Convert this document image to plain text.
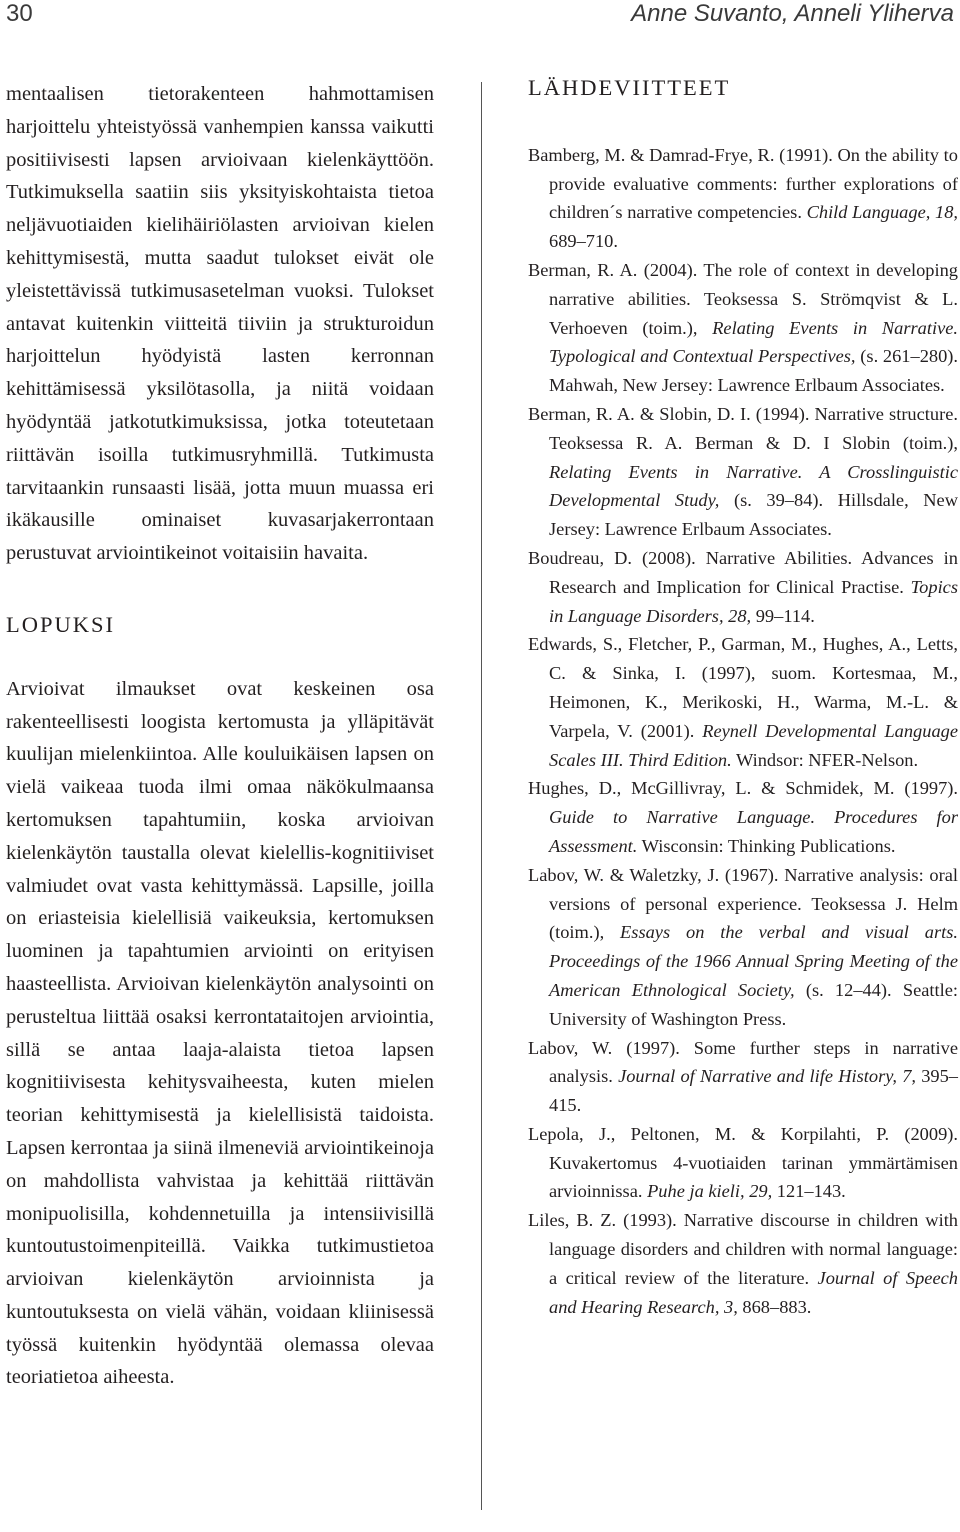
30	Anne Suvanto, Anneli Yliherva

mentaalisen tietorakenteen hahmottamisen harjoittelu yhteistyössä vanhempien kanssa vaikutti positiivisesti lapsen arvioivaan kielenkäyttöön. Tutkimuksella saatiin siis yksityiskohtaista tietoa neljävuotiaiden kielihäiriölasten arvioivan kielen kehittymisestä, mutta saadut tulokset eivät ole yleistettävissä tutkimusasetelman vuoksi. Tulokset antavat kuitenkin viitteitä tiiviin ja strukturoidun harjoittelun hyödyistä lasten kerronnan kehittämisessä yksilötasolla, ja niitä voidaan hyödyntää jatkotutkimuksissa, jotka toteutetaan riittävän isoilla tutkimusryhmillä. Tutkimusta tarvitaankin runsaasti lisää, jotta muun muassa eri ikäkausille ominaiset kuvasarjakerrontaan perustuvat arviointikeinot voitaisiin havaita.

LOPUKSI

Arvioivat ilmaukset ovat keskeinen osa rakenteellisesti loogista kertomusta ja ylläpitävät kuulijan mielenkiintoa. Alle kouluikäisen lapsen on vielä vaikeaa tuoda ilmi omaa näkökulmaansa kertomuksen tapahtumiin, koska arvioivan kielenkäytön taustalla olevat kielellis-kognitiiviset valmiudet ovat vasta kehittymässä. Lapsille, joilla on eriasteisia kielellisiä vaikeuksia, kertomuksen luominen ja tapahtumien arviointi on erityisen haasteellista. Arvioivan kielenkäytön analysointi on perusteltua liittää osaksi kerrontataitojen arviointia, sillä se antaa laaja-alaista tietoa lapsen kognitiivisesta kehitysvaiheesta, kuten mielen teorian kehittymisestä ja kielellisistä taidoista. Lapsen kerrontaa ja siinä ilmeneviä arviointikeinoja on mahdollista vahvistaa ja kehittää riittävän monipuolisilla, kohdennetuilla ja intensiivisillä kuntoutustoimenpiteillä. Vaikka tutkimustietoa arvioivan kielenkäytön arvioinnista ja kuntoutuksesta on vielä vähän, voidaan kliinisessä työssä kuitenkin hyödyntää olemassa olevaa teoriatietoa aiheesta.

LÄHDEVIITTEET

Bamberg, M. & Damrad-Frye, R. (1991). On the ability to provide evaluative comments: further explorations of children´s narrative competencies. Child Language, 18, 689–710.

Berman, R. A. (2004). The role of context in developing narrative abilities. Teoksessa S. Strömqvist & L. Verhoeven (toim.), Relating Events in Narrative. Typological and Contextual Perspectives, (s. 261–280). Mahwah, New Jersey: Lawrence Erlbaum Associates.

Berman, R. A. & Slobin, D. I. (1994). Narrative structure. Teoksessa R. A. Berman & D. I Slobin (toim.), Relating Events in Narrative. A Crosslinguistic Developmental Study, (s. 39–84). Hillsdale, New Jersey: Lawrence Erlbaum Associates.

Boudreau, D. (2008). Narrative Abilities. Advances in Research and Implication for Clinical Practise. Topics in Language Disorders, 28, 99–114.

Edwards, S., Fletcher, P., Garman, M., Hughes, A., Letts, C. & Sinka, I. (1997), suom. Kortesmaa, M., Heimonen, K., Merikoski, H., Warma, M.-L. & Varpela, V. (2001). Reynell Developmental Language Scales III. Third Edition. Windsor: NFER-Nelson.

Hughes, D., McGillivray, L. & Schmidek, M. (1997). Guide to Narrative Language. Procedures for Assessment. Wisconsin: Thinking Publications.

Labov, W. & Waletzky, J. (1967). Narrative analysis: oral versions of personal experience. Teoksessa J. Helm (toim.), Essays on the verbal and visual arts. Proceedings of the 1966 Annual Spring Meeting of the American Ethnological Society, (s. 12–44). Seattle: University of Washington Press.

Labov, W. (1997). Some further steps in narrative analysis. Journal of Narrative and life History, 7, 395–415.

Lepola, J., Peltonen, M. & Korpilahti, P. (2009). Kuvakertomus 4-vuotiaiden tarinan ymmärtämisen arvioinnissa. Puhe ja kieli, 29, 121–143.

Liles, B. Z. (1993). Narrative discourse in children with language disorders and children with normal language: a critical review of the literature. Journal of Speech and Hearing Research, 3, 868–883.
